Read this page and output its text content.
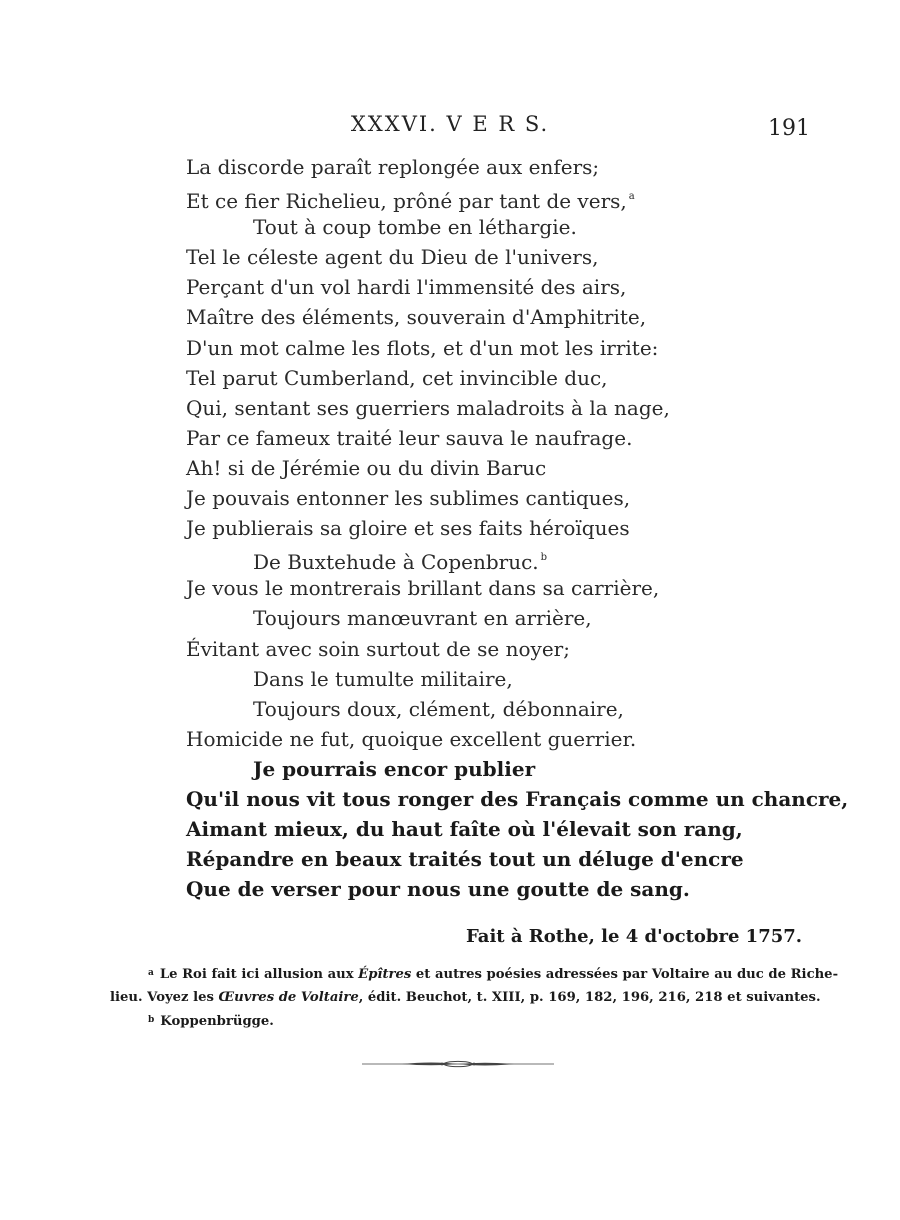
XXXVI. V E R S.	191
La discorde paraît replongée aux enfers;
Et ce fier Richelieu, prôné par tant de vers, $^a$
Tout à coup tombe en léthargie.
Tel le céleste agent du Dieu de l'univers,
Perçant d'un vol hardi l'immensité des airs,
Maître des éléments, souverain d'Amphitrite,
D'un mot calme les flots, et d'un mot les irrite:
Tel parut Cumberland, cet invincible duc,
Qui, sentant ses guerriers maladroits à la nage,
Par ce fameux traité leur sauva le naufrage.
Ah! si de Jérémie ou du divin Baruc
Je pouvais entonner les sublimes cantiques,
Je publierais sa gloire et ses faits héroïques
De Buxtehude à Copenbruc. $^b$
Je vous le montrerais brillant dans sa carrière,
Toujours manœuvrant en arrière,
Évitant avec soin surtout de se noyer;
Dans le tumulte militaire,
Toujours doux, clément, débonnaire,
Homicide ne fut, quoique excellent guerrier.
Je pourrais encor publier
Qu'il nous vit tous ronger des Français comme un chancre,
Aimant mieux, du haut faîte où l'élevait son rang,
Répandre en beaux traités tout un déluge d'encre
Que de verser pour nous une goutte de sang.
Fait à Rothe, le 4 d'octobre 1757.
$^a$ Le Roi fait ici allusion aux Épîtres et autres poésies adressées par Voltaire au duc de Riche-
lieu. Voyez les Œuvres de Voltaire, édit. Beuchot, t. XIII, p. 169, 182, 196, 216, 218 et suivantes.
$^b$ Koppenbrügge.
